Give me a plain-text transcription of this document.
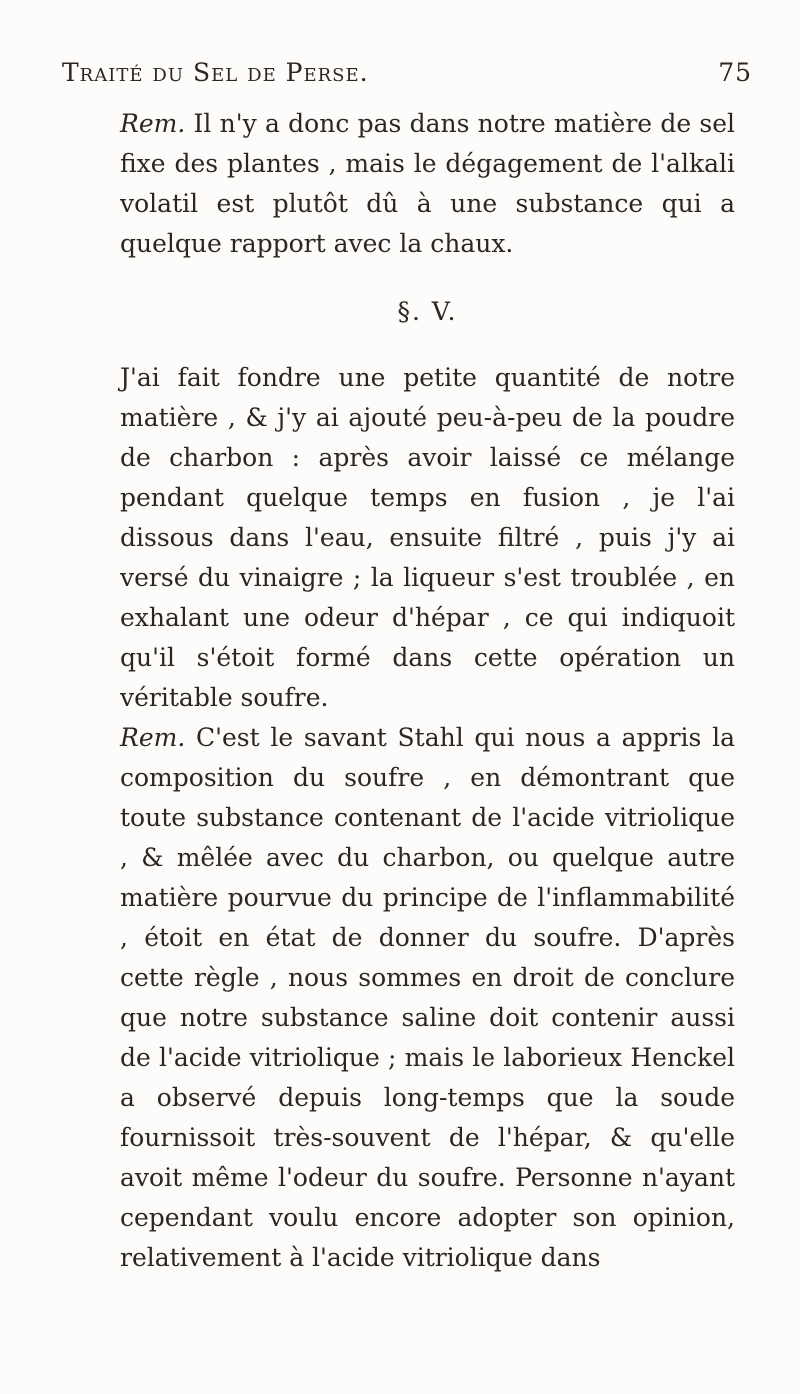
Traité du Sel de Perse.	75

Rem. Il n'y a donc pas dans notre matière de sel fixe des plantes , mais le dégagement de l'alkali volatil est plutôt dû à une substance qui a quelque rapport avec la chaux.

§. V.

J'ai fait fondre une petite quantité de notre matière , & j'y ai ajouté peu-à-peu de la poudre de charbon : après avoir laissé ce mélange pendant quelque temps en fusion , je l'ai dissous dans l'eau, ensuite filtré , puis j'y ai versé du vinaigre ; la liqueur s'est troublée , en exhalant une odeur d'hépar , ce qui indiquoit qu'il s'étoit formé dans cette opération un véritable soufre.

Rem. C'est le savant Stahl qui nous a appris la composition du soufre , en démontrant que toute substance contenant de l'acide vitriolique , & mêlée avec du charbon, ou quelque autre matière pourvue du principe de l'inflammabilité , étoit en état de donner du soufre. D'après cette règle , nous sommes en droit de conclure que notre substance saline doit contenir aussi de l'acide vitriolique ; mais le laborieux Henckel a observé depuis long-temps que la soude fournissoit très-souvent de l'hépar, & qu'elle avoit même l'odeur du soufre. Personne n'ayant cependant voulu encore adopter son opinion, relativement à l'acide vitriolique dans
